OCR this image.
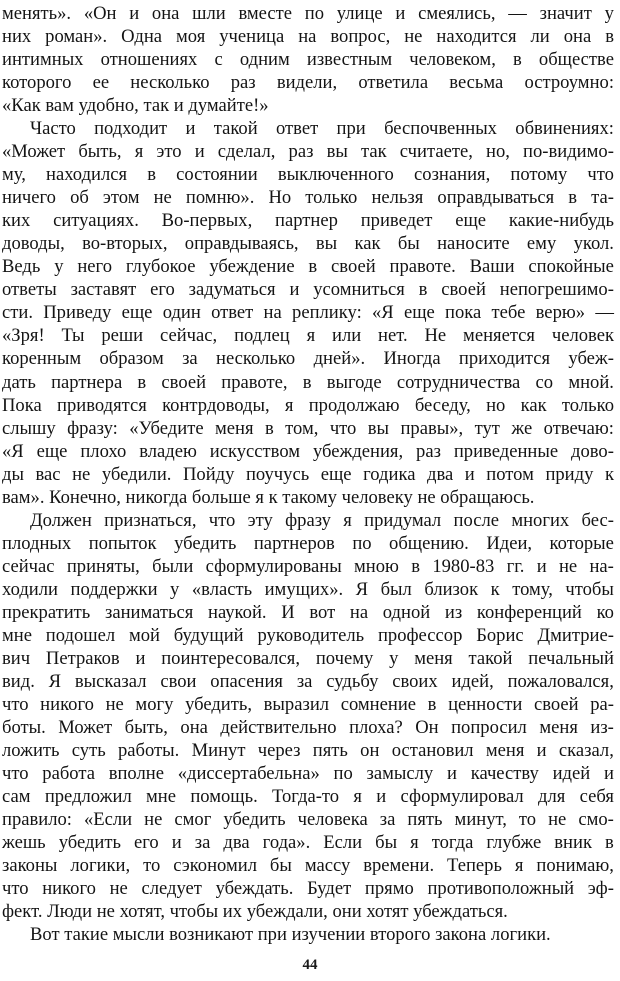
менять». «Он и она шли вместе по улице и смеялись, — значит у
них роман». Одна моя ученица на вопрос, не находится ли она в
интимных отношениях с одним известным человеком, в обществе
которого ее несколько раз видели, ответила весьма остроумно:
«Как вам удобно, так и думайте!»
Часто подходит и такой ответ при беспочвенных обвинениях:
«Может быть, я это и сделал, раз вы так считаете, но, по-видимо-
му, находился в состоянии выключенного сознания, потому что
ничего об этом не помню». Но только нельзя оправдываться в та-
ких ситуациях. Во-первых, партнер приведет еще какие-нибудь
доводы, во-вторых, оправдываясь, вы как бы наносите ему укол.
Ведь у него глубокое убеждение в своей правоте. Ваши спокойные
ответы заставят его задуматься и усомниться в своей непогрешимо-
сти. Приведу еще один ответ на реплику: «Я еще пока тебе верю» —
«Зря! Ты реши сейчас, подлец я или нет. Не меняется человек
коренным образом за несколько дней». Иногда приходится убеж-
дать партнера в своей правоте, в выгоде сотрудничества со мной.
Пока приводятся контрдоводы, я продолжаю беседу, но как только
слышу фразу: «Убедите меня в том, что вы правы», тут же отвечаю:
«Я еще плохо владею искусством убеждения, раз приведенные дово-
ды вас не убедили. Пойду поучусь еще годика два и потом приду к
вам». Конечно, никогда больше я к такому человеку не обращаюсь.
Должен признаться, что эту фразу я придумал после многих бес-
плодных попыток убедить партнеров по общению. Идеи, которые
сейчас приняты, были сформулированы мною в 1980-83 гг. и не на-
ходили поддержки у «власть имущих». Я был близок к тому, чтобы
прекратить заниматься наукой. И вот на одной из конференций ко
мне подошел мой будущий руководитель профессор Борис Дмитрие-
вич Петраков и поинтересовался, почему у меня такой печальный
вид. Я высказал свои опасения за судьбу своих идей, пожаловался,
что никого не могу убедить, выразил сомнение в ценности своей ра-
боты. Может быть, она действительно плоха? Он попросил меня из-
ложить суть работы. Минут через пять он остановил меня и сказал,
что работа вполне «диссертабельна» по замыслу и качеству идей и
сам предложил мне помощь. Тогда-то я и сформулировал для себя
правило: «Если не смог убедить человека за пять минут, то не смо-
жешь убедить его и за два года». Если бы я тогда глубже вник в
законы логики, то сэкономил бы массу времени. Теперь я понимаю,
что никого не следует убеждать. Будет прямо противоположный эф-
фект. Люди не хотят, чтобы их убеждали, они хотят убеждаться.
Вот такие мысли возникают при изучении второго закона логики.
44
